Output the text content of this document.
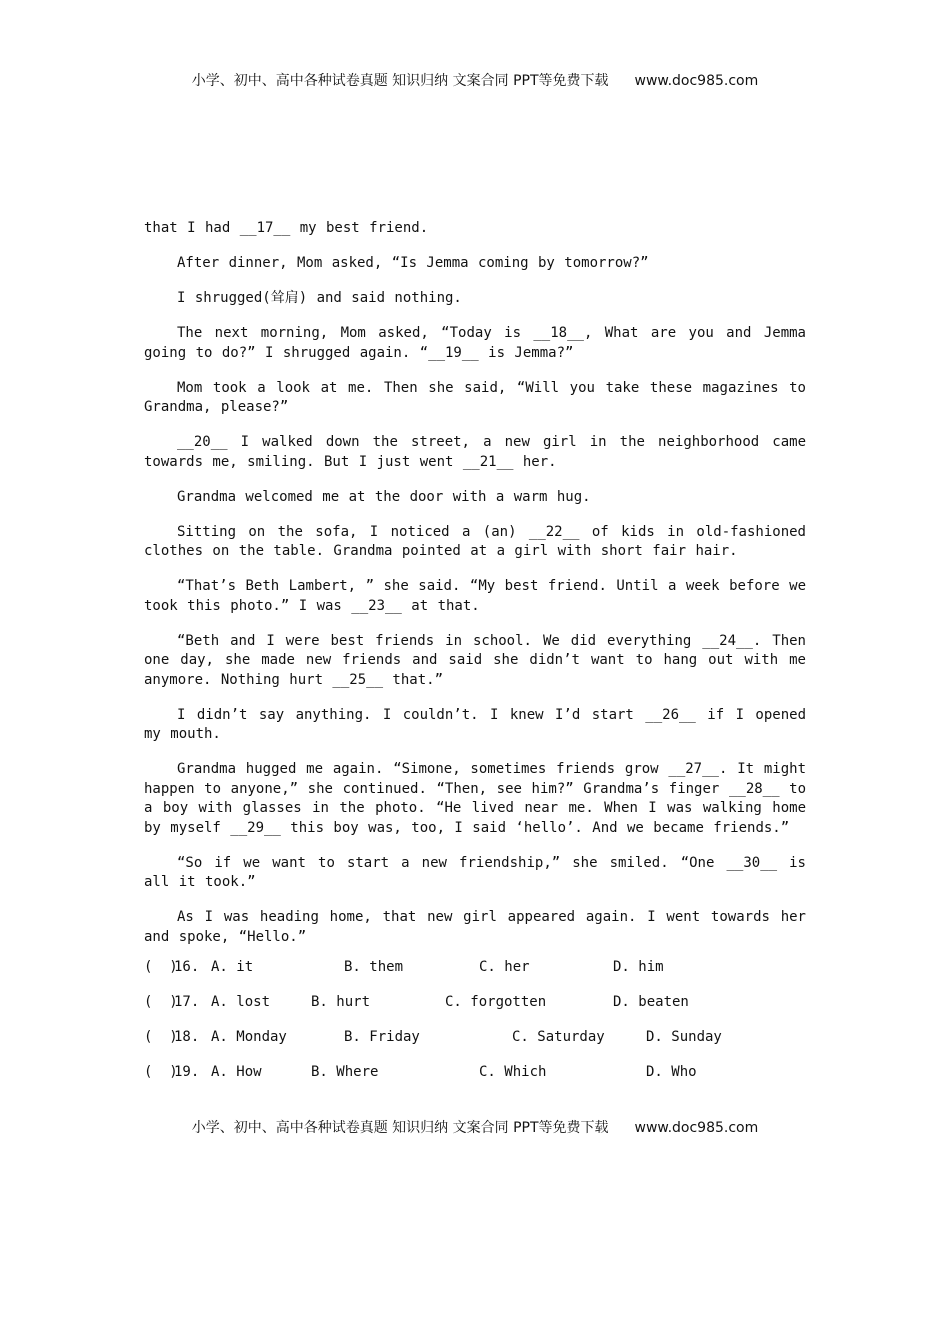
小学、初中、高中各种试卷真题 知识归纳 文案合同 PPT等免费下载 www.doc985.com

that I had __17__ my best friend.

After dinner, Mom asked, “Is Jemma coming by tomorrow?”

I shrugged(耸肩) and said nothing.

The next morning, Mom asked, “Today is __18__, What are you and Jemma going to do?” I shrugged again. “__19__ is Jemma?”

Mom took a look at me. Then she said, “Will you take these magazines to Grandma, please?”

__20__ I walked down the street, a new girl in the neighborhood came towards me, smiling. But I just went __21__ her.

Grandma welcomed me at the door with a warm hug.

Sitting on the sofa, I noticed a (an) __22__ of kids in old-fashioned clothes on the table. Grandma pointed at a girl with short fair hair.

“That’s Beth Lambert, ” she said. “My best friend. Until a week before we took this photo.” I was __23__ at that.

“Beth and I were best friends in school. We did everything __24__. Then one day, she made new friends and said she didn’t want to hang out with me anymore. Nothing hurt __25__ that.”

I didn’t say anything. I couldn’t. I knew I’d start __26__ if I opened my mouth.

Grandma hugged me again. “Simone, sometimes friends grow __27__. It might happen to anyone,” she continued. “Then, see him?” Grandma’s finger __28__ to a boy with glasses in the photo. “He lived near me. When I was walking home by myself __29__ this boy was, too, I said ‘hello’. And we became friends.”

“So if we want to start a new friendship,” she smiled. “One __30__ is all it took.”

As I was heading home, that new girl appeared again. I went towards her and spoke, “Hello.”

(  )

16.

A. it

	B. them

	C. her

	D. him

(  )

17.

A. lost

	B. hurt

	C. forgotten

	D. beaten

(  )

18.

A. Monday

	B. Friday

	C. Saturday

	D. Sunday

(  )

19.

A. How

	B. Where

	C. Which

	D. Who

小学、初中、高中各种试卷真题 知识归纳 文案合同 PPT等免费下载 www.doc985.com
